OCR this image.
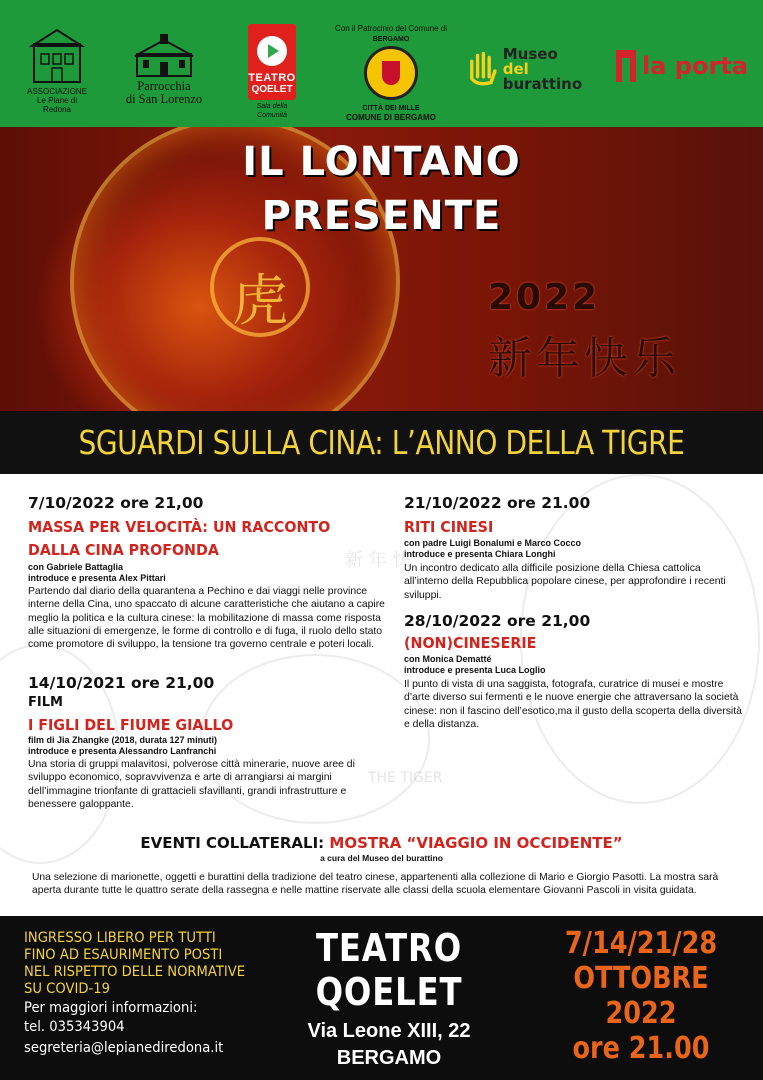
ASSOCIAZIONE
Le Piane di Redona
Parrocchia
di San Lorenzo
TEATRO
QOELET
Sala della Comunità
Con il Patrocinio del Comune di
BERGAMO
CITTÀ DEI MILLE
COMUNE DI BERGAMO
Museo del
burattino
la porta
虎
IL LONTANO
PRESENTE
2022
新年快乐
SGUARDI SULLA CINA: L’ANNO DELLA TIGRE
新 年 快
THE TIGER
7/10/2022 ore 21,00
MASSA PER VELOCITÀ: UN RACCONTO
DALLA CINA PROFONDA
con Gabriele Battaglia
introduce e presenta Alex Pittari
Partendo dal diario della quarantena a Pechino e dai viaggi nelle province interne della Cina, uno spaccato di alcune caratteristiche che aiutano a capire meglio la politica e la cultura cinese: la mobilitazione di massa come risposta alle situazioni di emergenze, le forme di controllo e di fuga, il ruolo dello stato come promotore di sviluppo, la tensione tra governo centrale e poteri locali.
14/10/2021 ore 21,00
FILM
I FIGLI DEL FIUME GIALLO
film di Jia Zhangke (2018, durata 127 minuti)
introduce e presenta Alessandro Lanfranchi
Una storia di gruppi malavitosi, polverose città minerarie, nuove aree di sviluppo economico, sopravvivenza e arte di arrangiarsi ai margini dell’immagine trionfante di grattacieli sfavillanti, grandi infrastrutture e benessere galoppante.
21/10/2022 ore 21.00
RITI CINESI
con padre Luigi Bonalumi e Marco Cocco
introduce e presenta Chiara Longhi
Un incontro dedicato alla difficile posizione della Chiesa cattolica all’interno della Repubblica popolare cinese, per approfondire i recenti sviluppi.
28/10/2022 ore 21,00
(NON)CINESERIE
con Monica Dematté
introduce e presenta Luca Loglio
Il punto di vista di una saggista, fotografa, curatrice di musei e mostre d’arte diverso sui fermenti e le nuove energie che attraversano la società cinese: non il fascino dell’esotico,ma il gusto della scoperta della diversità e della distanza.
EVENTI COLLATERALI: MOSTRA “VIAGGIO IN OCCIDENTE”
a cura del Museo del burattino
Una selezione di marionette, oggetti e burattini della tradizione del teatro cinese, appartenenti alla collezione di Mario e Giorgio Pasotti. La mostra sarà aperta durante tutte le quattro serate della rassegna e nelle mattine riservate alle classi della scuola elementare Giovanni Pascoli in visita guidata.
INGRESSO LIBERO PER TUTTI
FINO AD ESAURIMENTO POSTI
NEL RISPETTO DELLE NORMATIVE
SU COVID-19
Per maggiori informazioni:
tel. 035343904
segreteria@lepianediredona.it
TEATRO QOELET
Via Leone XIII, 22
BERGAMO
7/14/21/28
OTTOBRE 2022
ore 21.00
